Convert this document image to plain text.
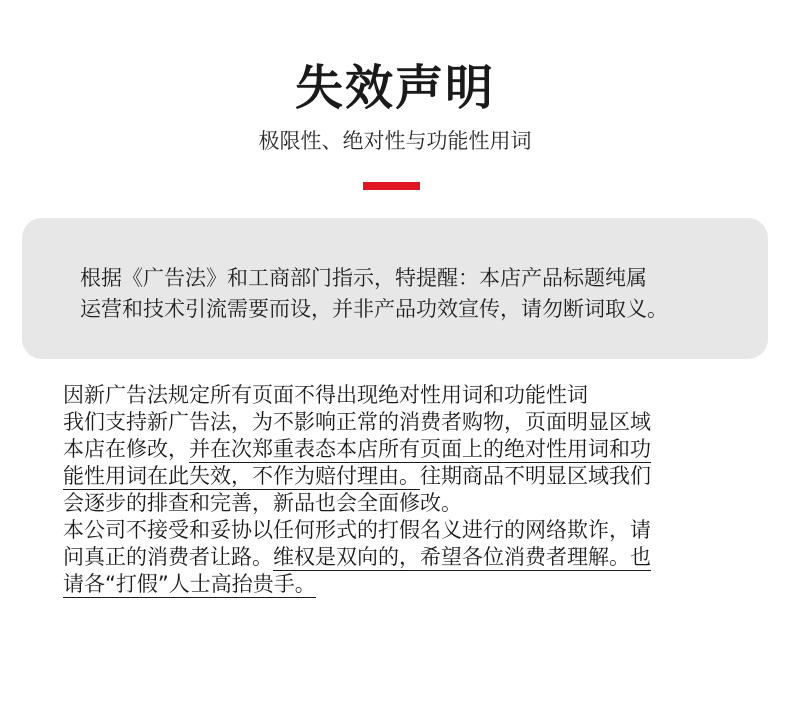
失效声明
极限性、绝对性与功能性用词
根据《广告法》和工商部门指示，特提醒：本店产品标题纯属
运营和技术引流需要而设，并非产品功效宣传，请勿断词取义。
因新广告法规定所有页面不得出现绝对性用词和功能性词
我们支持新广告法，为不影响正常的消费者购物，页面明显区域
本店在修改，并在次郑重表态本店所有页面上的绝对性用词和功
能性用词在此失效，不作为赔付理由。往期商品不明显区域我们
会逐步的排查和完善，新品也会全面修改。
本公司不接受和妥协以任何形式的打假名义进行的网络欺诈，请
问真正的消费者让路。维权是双向的，希望各位消费者理解。也
请各“打假”人士高抬贵手。
